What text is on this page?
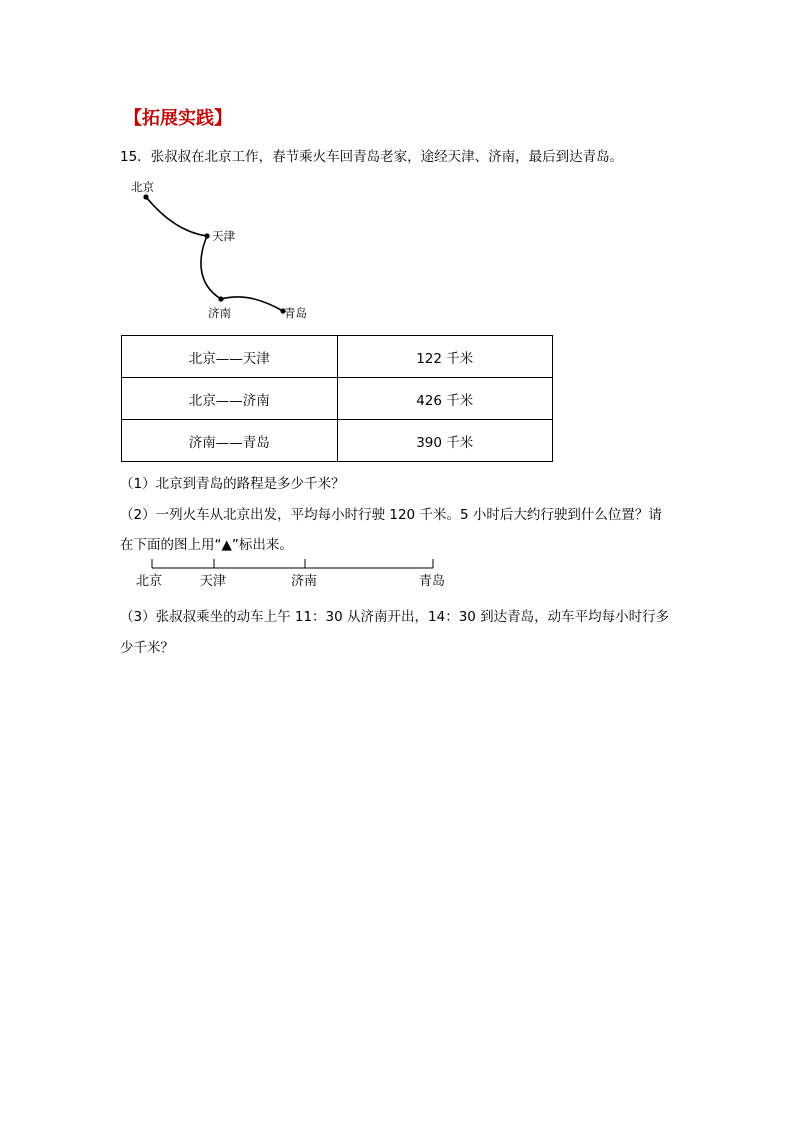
【拓展实践】
15．张叔叔在北京工作，春节乘火车回青岛老家，途经天津、济南，最后到达青岛。
北京
天津
济南	青岛
北京——天津	122 千米
北京——济南	426 千米
济南——青岛	390 千米
（1）北京到青岛的路程是多少千米？
（2）一列火车从北京出发，平均每小时行驶 120 千米。5 小时后大约行驶到什么位置？请
在下面的图上用“▲”标出来。
北京	天津	济南	青岛
（3）张叔叔乘坐的动车上午 11：30 从济南开出，14：30 到达青岛，动车平均每小时行多
少千米？
